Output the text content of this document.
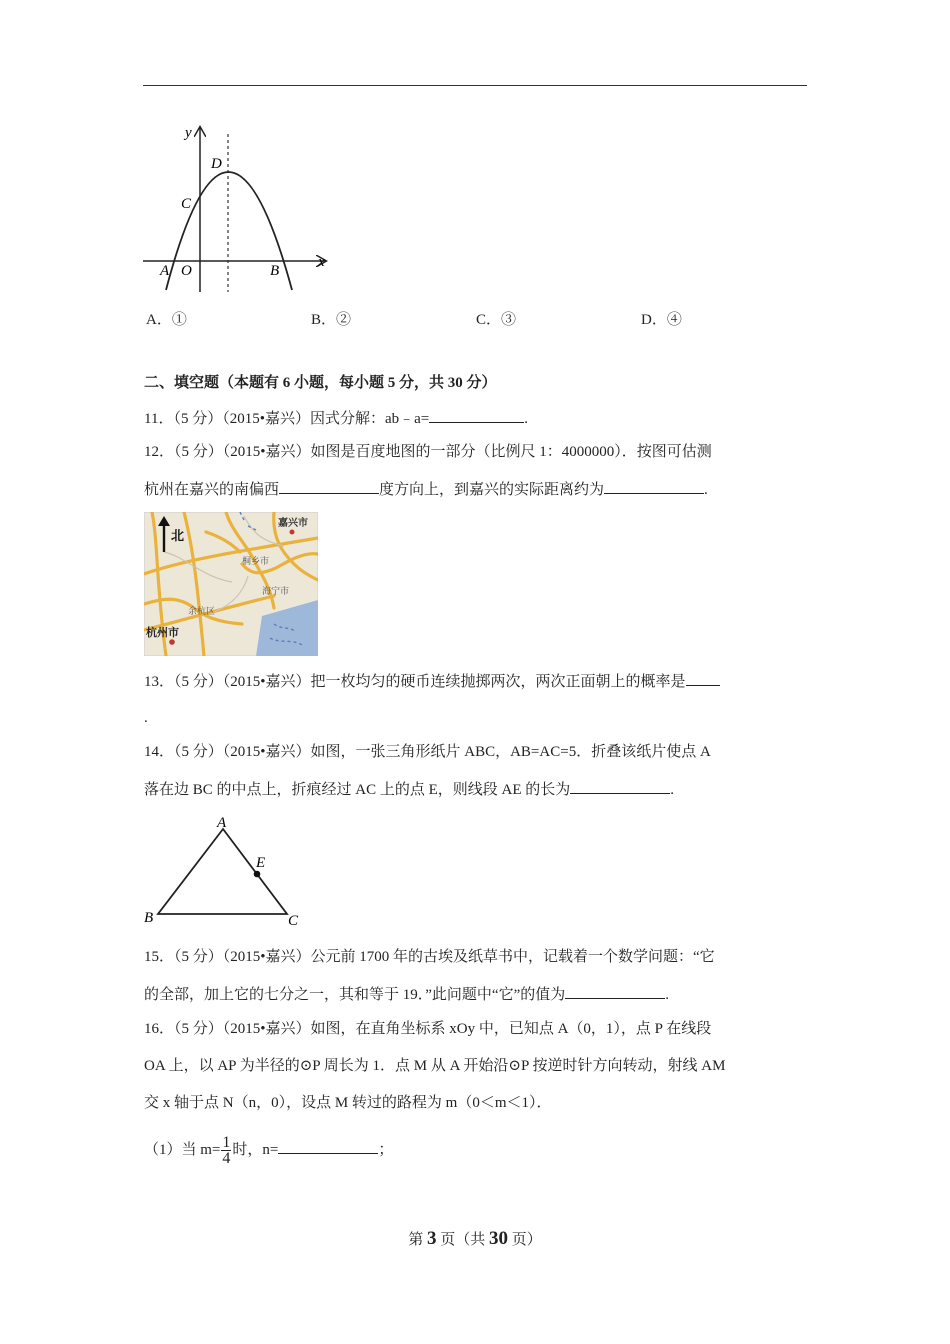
y
x
D
C
A O	B
A．①	B．②	C．③	D．④
二、填空题（本题有 6 小题，每小题 5 分，共 30 分）
11．（5 分）（2015•嘉兴）因式分解：ab﹣a=	.
12．（5 分）（2015•嘉兴）如图是百度地图的一部分（比例尺 1：4000000）．按图可估测
杭州在嘉兴的南偏西	度方向上，到嘉兴的实际距离约为	.
北
嘉兴市
桐乡市
海宁市
余杭区
杭州市
13．（5 分）（2015•嘉兴）把一枚均匀的硬币连续抛掷两次，两次正面朝上的概率是
.
14．（5 分）（2015•嘉兴）如图，一张三角形纸片 ABC，AB=AC=5．折叠该纸片使点 A
落在边 BC 的中点上，折痕经过 AC 上的点 E，则线段 AE 的长为	.
A
E
B	C
15．（5 分）（2015•嘉兴）公元前 1700 年的古埃及纸草书中，记载着一个数学问题：“它
的全部，加上它的七分之一，其和等于 19．”此问题中“它”的值为	.
16．（5 分）（2015•嘉兴）如图，在直角坐标系 xOy 中，已知点 A（0，1），点 P 在线段
OA 上，以 AP 为半径的⊙P 周长为 1．点 M 从 A 开始沿⊙P 按逆时针方向转动，射线 AM
交 x 轴于点 N（n，0），设点 M 转过的路程为 m（0＜m＜1）．
（1）当 $m= \frac{1}{4}$ 时，n=	；
第 3 页（共 30 页）
